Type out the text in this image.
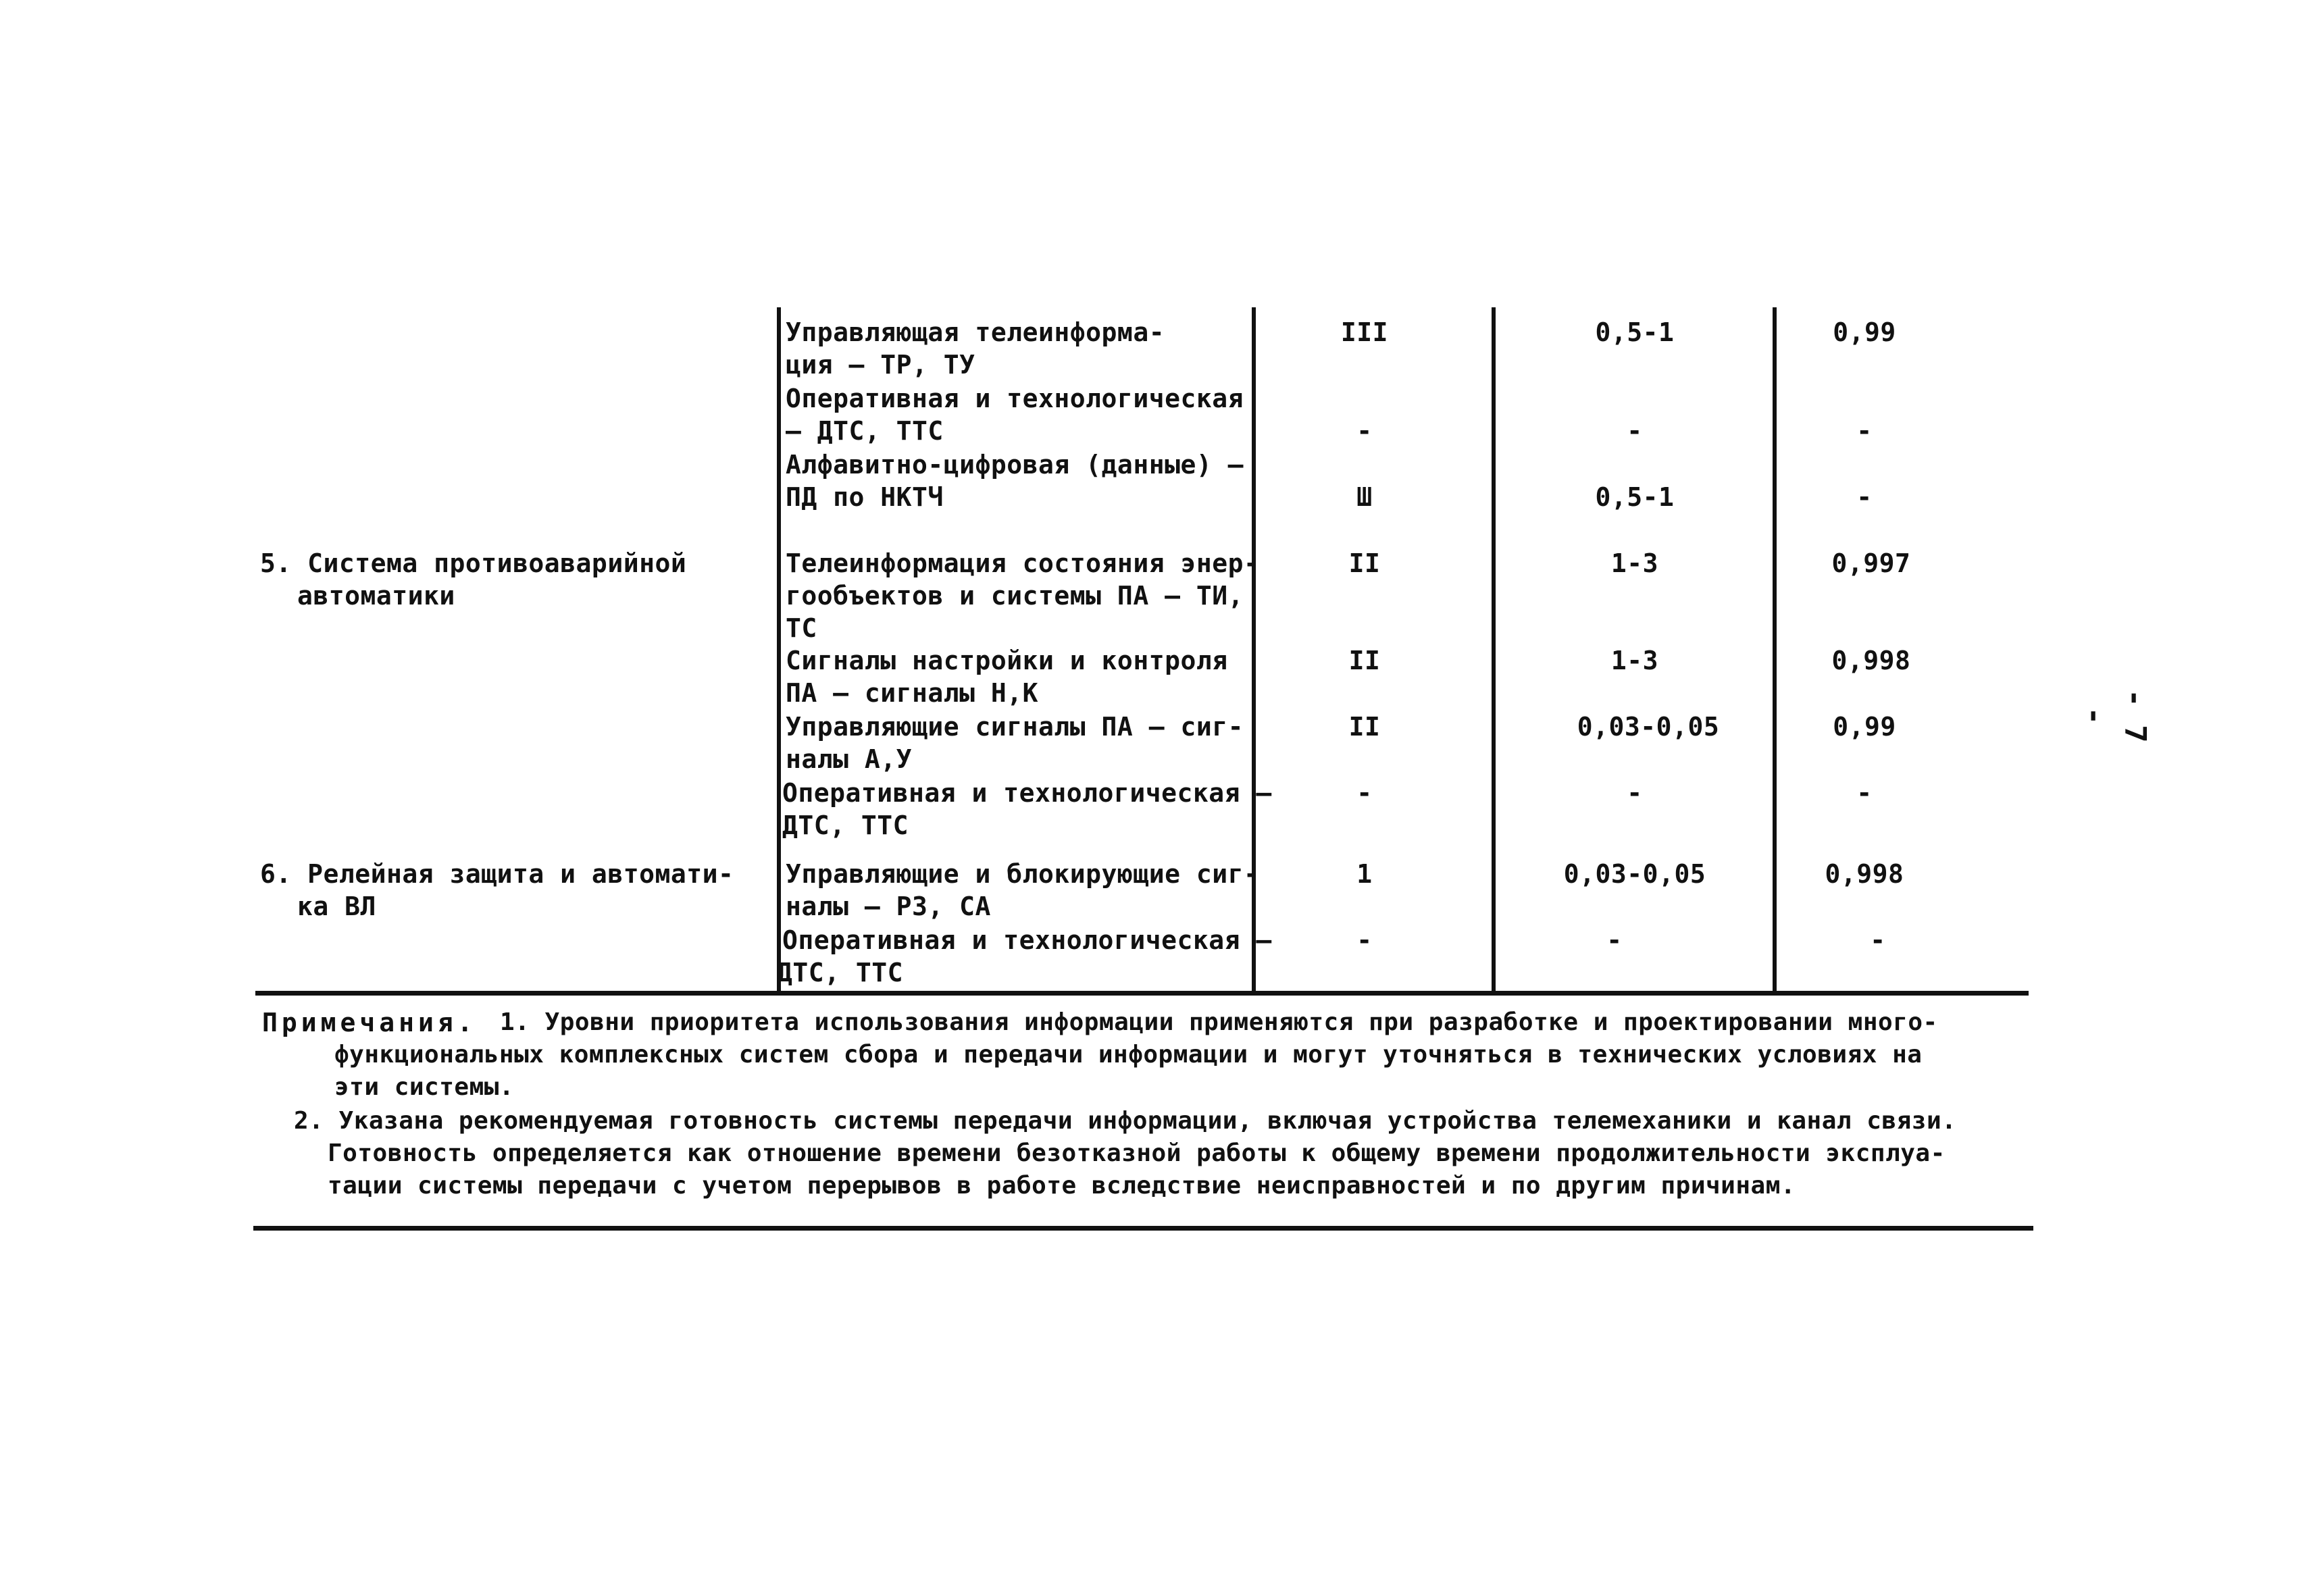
Управляющая телеинформа-
ция — ТР, ТУ
III	0,5-1	0,99
Оперативная и технологическая
— ДТС, ТТС	-	-	-
Алфавитно-цифровая (данные) —
ПД по НКТЧ	Ш	0,5-1	-
5. Система противоаварийной
автоматики
Телеинформация состояния энер-
гообъектов и системы ПА — ТИ,
ТС
II	1-3	0,997
Сигналы настройки и контроля
ПА — сигналы Н,К
II	1-3	0,998
Управляющие сигналы ПА — сиг-
налы А,У
II	0,03-0,05	0,99
Оперативная и технологическая —
ДТС, ТТС
-	-	-
6. Релейная защита и автомати-
ка ВЛ
Управляющие и блокирующие сиг-
налы — РЗ, СА
1	0,03-0,05	0,998
Оперативная и технологическая —
ДТС, ТТС
-	-	-
Примечания. 1. Уровни приоритета использования информации применяются при разработке и проектировании много-
функциональных комплексных систем сбора и передачи информации и могут уточняться в технических условиях на
эти системы.
2. Указана рекомендуемая готовность системы передачи информации, включая устройства телемеханики и канал связи.
Готовность определяется как отношение времени безотказной работы к общему времени продолжительности эксплуа-
тации системы передачи с учетом перерывов в работе вследствие неисправностей и по другим причинам.
- 7 -
